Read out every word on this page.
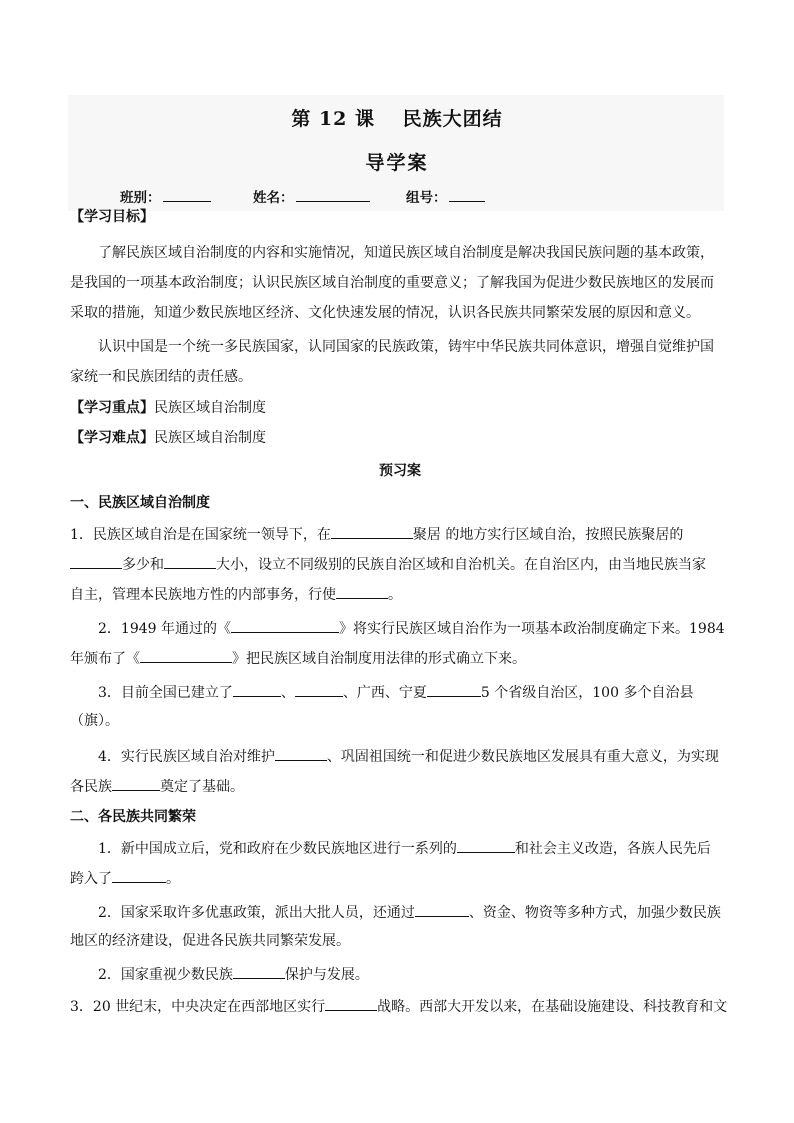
第 12 课　 民族大团结
导学案
班别：	姓名：	组号：
【学习目标】
了解民族区域自治制度的内容和实施情况，知道民族区域自治制度是解决我国民族问题的基本政策，
是我国的一项基本政治制度；认识民族区域自治制度的重要意义；了解我国为促进少数民族地区的发展而
采取的措施，知道少数民族地区经济、文化快速发展的情况，认识各民族共同繁荣发展的原因和意义。
认识中国是一个统一多民族国家，认同国家的民族政策，铸牢中华民族共同体意识，增强自觉维护国
家统一和民族团结的责任感。
【学习重点】民族区域自治制度
【学习难点】民族区域自治制度
预习案
一、民族区域自治制度
1．民族区域自治是在国家统一领导下，在	聚居 的地方实行区域自治，按照民族聚居的
多少和	大小，设立不同级别的民族自治区域和自治机关。在自治区内，由当地民族当家
自主，管理本民族地方性的内部事务，行使	。
2．1949 年通过的《	》将实行民族区域自治作为一项基本政治制度确定下来。1984
年颁布了《	》把民族区域自治制度用法律的形式确立下来。
3．目前全国已建立了	、	、广西、宁夏	5 个省级自治区，100 多个自治县
（旗）。
4．实行民族区域自治对维护	、巩固祖国统一和促进少数民族地区发展具有重大意义，为实现
各民族	奠定了基础。
二、各民族共同繁荣
1．新中国成立后，党和政府在少数民族地区进行一系列的	和社会主义改造，各族人民先后
跨入了	。
2．国家采取许多优惠政策，派出大批人员，还通过	、资金、物资等多种方式，加强少数民族
地区的经济建设，促进各民族共同繁荣发展。
2．国家重视少数民族	保护与发展。
3．20 世纪末，中央决定在西部地区实行	战略。西部大开发以来，在基础设施建设、科技教育和文
